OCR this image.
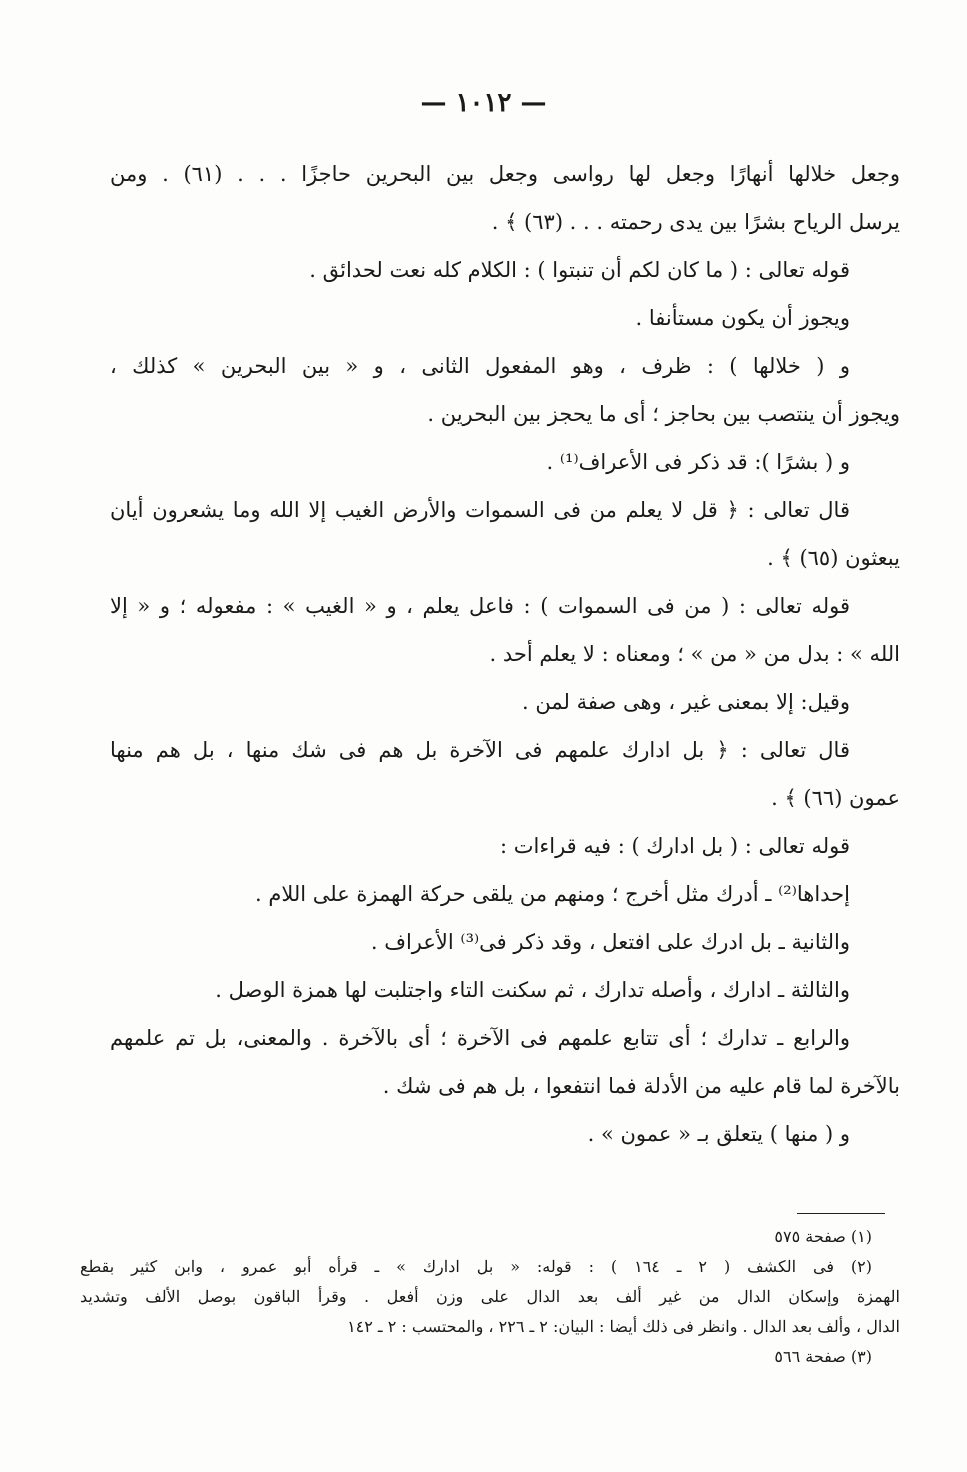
— ١٠١٢ —
وجعل خلالها أنهارًا وجعل لها رواسى وجعل بين البحرين حاجزًا . . . (٦١) . ومن
يرسل الرياح بشرًا بين يدى رحمته . . . (٦٣) ﴾ .
قوله تعالى : ( ما كان لكم أن تنبتوا ) : الكلام كله نعت لحدائق .
ويجوز أن يكون مستأنفا .
و ( خلالها ) : ظرف ، وهو المفعول الثانى ، و « بين البحرين » كذلك ،
ويجوز أن ينتصب بين بحاجز ؛ أى ما يحجز بين البحرين .
و ( بشرًا ): قد ذكر فى الأعراف⁽¹⁾ .
قال تعالى : ﴿ قل لا يعلم من فى السموات والأرض الغيب إلا الله وما يشعرون أيان
يبعثون (٦٥) ﴾ .
قوله تعالى : ( من فى السموات ) : فاعل يعلم ، و « الغيب » : مفعوله ؛ و « إلا
الله » : بدل من « من » ؛ ومعناه : لا يعلم أحد .
وقيل: إلا بمعنى غير ، وهى صفة لمن .
قال تعالى : ﴿ بل ادارك علمهم فى الآخرة بل هم فى شك منها ، بل هم منها
عمون (٦٦) ﴾ .
قوله تعالى : ( بل ادارك ) : فيه قراءات :
إحداها⁽²⁾ ـ أدرك مثل أخرج ؛ ومنهم من يلقى حركة الهمزة على اللام .
والثانية ـ بل ادرك على افتعل ، وقد ذكر فى⁽³⁾ الأعراف .
والثالثة ـ ادارك ، وأصله تدارك ، ثم سكنت التاء واجتلبت لها همزة الوصل .
والرابع ـ تدارك ؛ أى تتابع علمهم فى الآخرة ؛ أى بالآخرة . والمعنى، بل تم علمهم
بالآخرة لما قام عليه من الأدلة فما انتفعوا ، بل هم فى شك .
و ( منها ) يتعلق بـ « عمون » .
(١) صفحة ٥٧٥
(٢) فى الكشف ( ٢ ـ ١٦٤ ) : قوله: « بل ادارك » ـ قرأه أبو عمرو ، وابن كثير بقطع
الهمزة وإسكان الدال من غير ألف بعد الدال على وزن أفعل . وقرأ الباقون بوصل الألف وتشديد
الدال ، وألف بعد الدال . وانظر فى ذلك أيضا : البيان: ٢ ـ ٢٢٦ ، والمحتسب : ٢ ـ ١٤٢
(٣) صفحة ٥٦٦
